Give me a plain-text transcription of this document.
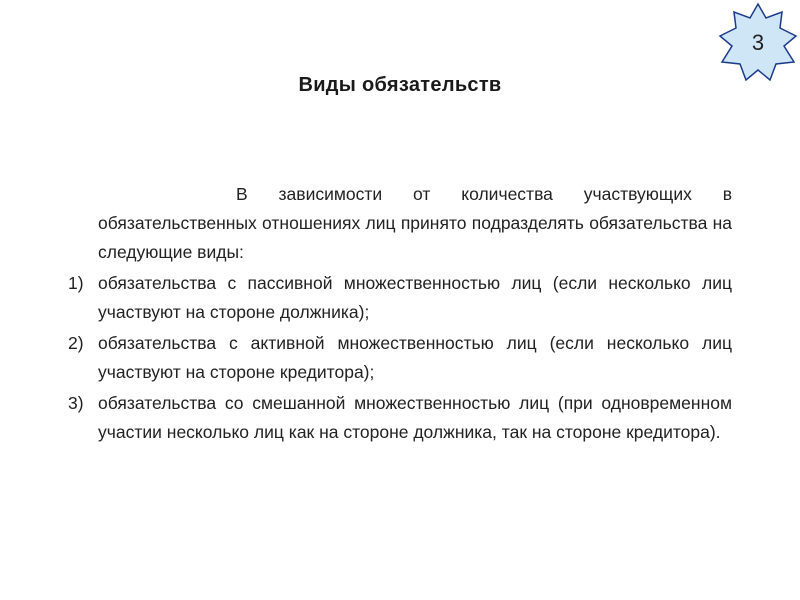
3
Виды обязательств

В зависимости от количества участвующих в обязательственных отношениях лиц принято подразделять обязательства на следующие виды:

1) обязательства с пассивной множественностью лиц (если несколько лиц участвуют на стороне должника);

2) обязательства с активной множественностью лиц (если несколько лиц участвуют на стороне кредитора);

3) обязательства со смешанной множественностью лиц (при одновременном участии несколько лиц как на стороне должника, так на стороне кредитора).
